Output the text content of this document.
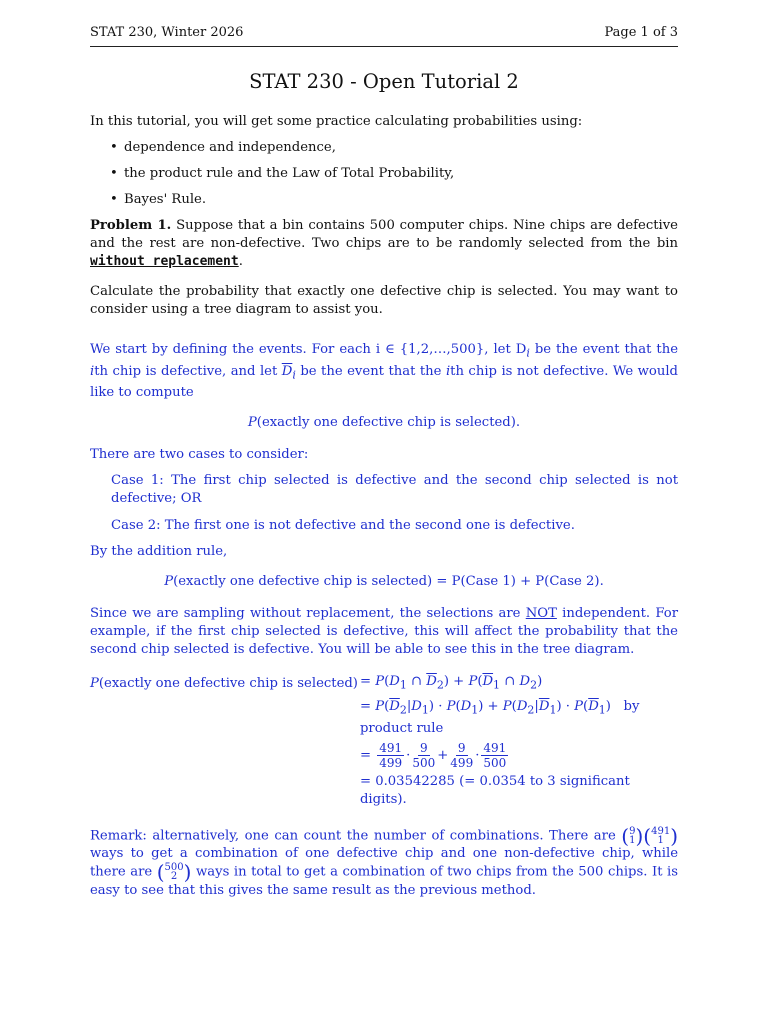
STAT 230, Winter 2026	Page 1 of 3
STAT 230 - Open Tutorial 2

In this tutorial, you will get some practice calculating probabilities using:

• dependence and independence,
• the product rule and the Law of Total Probability,
• Bayes' Rule.

Problem 1. Suppose that a bin contains 500 computer chips. Nine chips are defective and the rest are non-defective. Two chips are to be randomly selected from the bin without replacement.

Calculate the probability that exactly one defective chip is selected. You may want to consider using a tree diagram to assist you.

We start by defining the events. For each i ∈ {1,2,…,500}, let $D_i$ be the event that the ith chip is defective, and let $\overline{D}_i$ be the event that the ith chip is not defective. We would like to compute

P(exactly one defective chip is selected).

There are two cases to consider:

Case 1: The first chip selected is defective and the second chip selected is not defective; OR

Case 2: The first one is not defective and the second one is defective.

By the addition rule,

P(exactly one defective chip is selected) = P(Case 1) + P(Case 2).

Since we are sampling without replacement, the selections are NOT independent. For example, if the first chip selected is defective, this will affect the probability that the second chip selected is defective. You will be able to see this in the tree diagram.

P(exactly one defective chip is selected) = $P(D_1$ ∩ $\overline{D}_2) + P(\overline{D}_1$ ∩ $D_2$)
= $P(\overline{D}_2|D_1) \cdot P(D_1) + P(D_2|\overline{D}_1) \cdot P(\overline{D}_1)$   by product rule
= $\frac{491}{499} \cdot \frac{9}{500} + \frac{9}{499} \cdot \frac{491}{500}$
= 0.03542285 (= 0.0354 to 3 significant digits).

Remark: alternatively, one can count the number of combinations. There are ( 9
1 ) ( 491
1 )
ways to get a combination of one defective chip and one non-defective chip, while there are ( 500
2 ) ways in total to get a combination of two chips from the 500 chips. It is easy to see that this gives the same result as the previous method.
